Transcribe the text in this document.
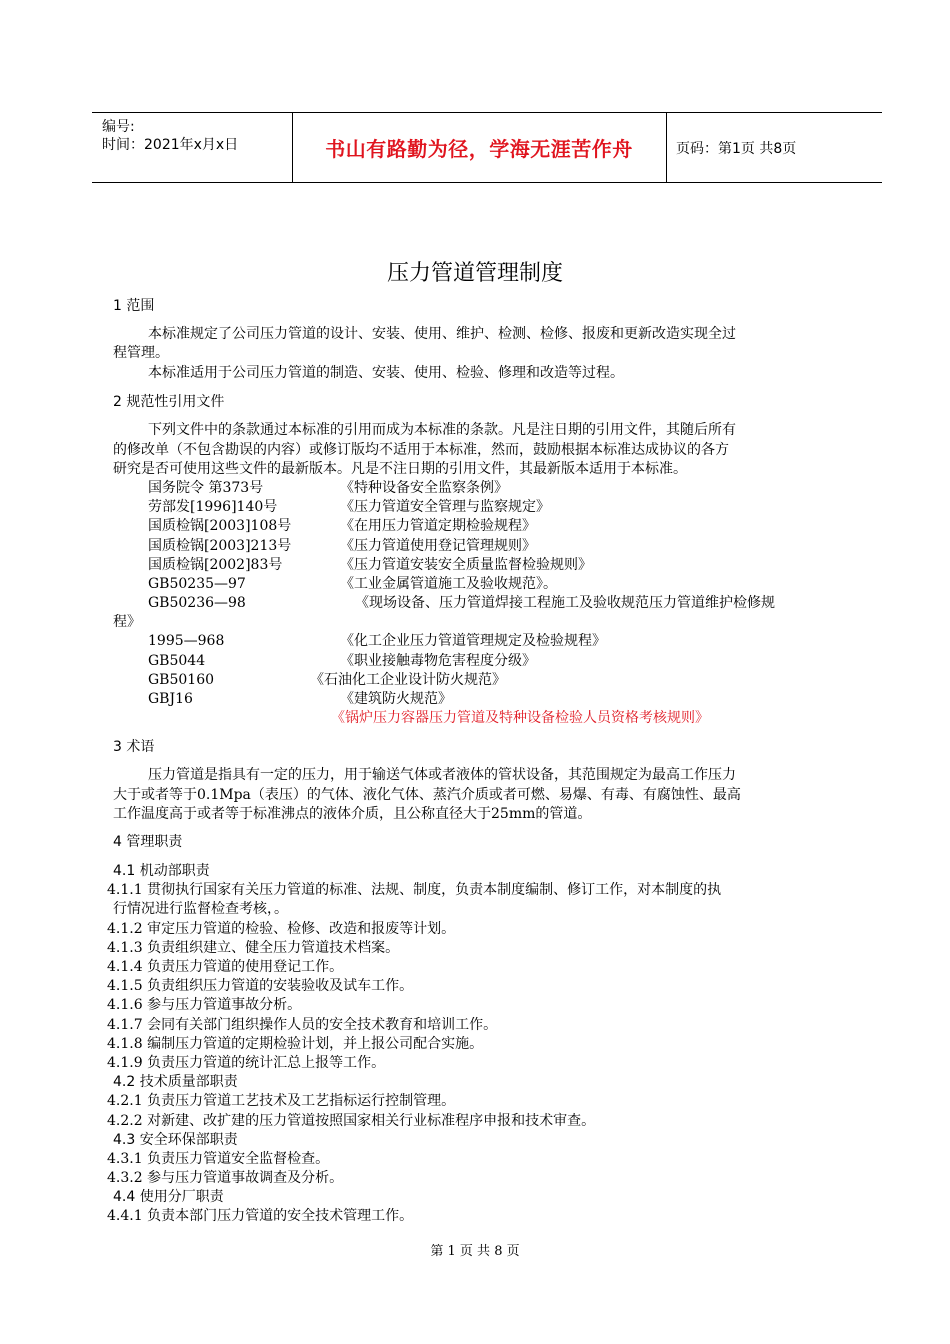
编号:
时间：2021年x月x日	书山有路勤为径，学海无涯苦作舟	页码：第1页 共8页
压力管道管理制度
1 范围
本标准规定了公司压力管道的设计、安装、使用、维护、检测、检修、报废和更新改造实现全过
程管理。
本标准适用于公司压力管道的制造、安装、使用、检验、修理和改造等过程。
2 规范性引用文件
下列文件中的条款通过本标准的引用而成为本标准的条款。凡是注日期的引用文件，其随后所有
的修改单（不包含勘误的内容）或修订版均不适用于本标准，然而，鼓励根据本标准达成协议的各方
研究是否可使用这些文件的最新版本。凡是不注日期的引用文件，其最新版本适用于本标准。
国务院令 第373号	《特种设备安全监察条例》
劳部发[1996]140号	《压力管道安全管理与监察规定》
国质检锅[2003]108号	《在用压力管道定期检验规程》
国质检锅[2003]213号	《压力管道使用登记管理规则》
国质检锅[2002]83号	《压力管道安装安全质量监督检验规则》
GB50235—97	《工业金属管道施工及验收规范》。
GB50236—98	《现场设备、压力管道焊接工程施工及验收规范压力管道维护检修规
程》
1995—968	《化工企业压力管道管理规定及检验规程》
GB5044	《职业接触毒物危害程度分级》
GB50160	《石油化工企业设计防火规范》
GBJ16	《建筑防火规范》
《锅炉压力容器压力管道及特种设备检验人员资格考核规则》
3 术语
压力管道是指具有一定的压力，用于输送气体或者液体的管状设备，其范围规定为最高工作压力
大于或者等于0.1Mpa（表压）的气体、液化气体、蒸汽介质或者可燃、易爆、有毒、有腐蚀性、最高
工作温度高于或者等于标准沸点的液体介质，且公称直径大于25mm的管道。
4 管理职责
4.1 机动部职责
4.1.1 贯彻执行国家有关压力管道的标准、法规、制度，负责本制度编制、修订工作，对本制度的执
行情况进行监督检查考核，。
4.1.2 审定压力管道的检验、检修、改造和报废等计划。
4.1.3 负责组织建立、健全压力管道技术档案。
4.1.4 负责压力管道的使用登记工作。
4.1.5 负责组织压力管道的安装验收及试车工作。
4.1.6 参与压力管道事故分析。
4.1.7 会同有关部门组织操作人员的安全技术教育和培训工作。
4.1.8 编制压力管道的定期检验计划，并上报公司配合实施。
4.1.9 负责压力管道的统计汇总上报等工作。
4.2 技术质量部职责
4.2.1 负责压力管道工艺技术及工艺指标运行控制管理。
4.2.2 对新建、改扩建的压力管道按照国家相关行业标准程序申报和技术审查。
4.3 安全环保部职责
4.3.1 负责压力管道安全监督检查。
4.3.2 参与压力管道事故调查及分析。
4.4 使用分厂职责
4.4.1 负责本部门压力管道的安全技术管理工作。
第 1 页 共 8 页
